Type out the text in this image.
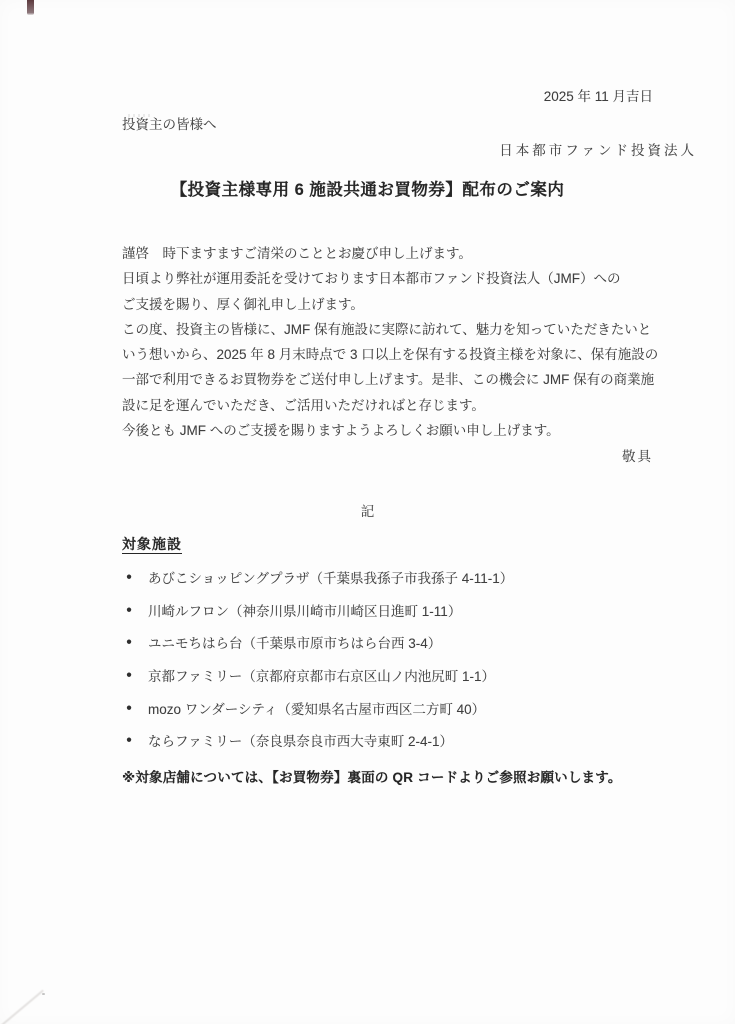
2025 年 11 月吉日
投資主の皆様へ
日本都市ファンド投資法人
【投資主様専用 6 施設共通お買物券】配布のご案内
謹啓　時下ますますご清栄のこととお慶び申し上げます。
日頃より弊社が運用委託を受けております日本都市ファンド投資法人（JMF）への
ご支援を賜り、厚く御礼申し上げます。
この度、投資主の皆様に、JMF 保有施設に実際に訪れて、魅力を知っていただきたいと
いう想いから、2025 年 8 月末時点で 3 口以上を保有する投資主様を対象に、保有施設の
一部で利用できるお買物券をご送付申し上げます。是非、この機会に JMF 保有の商業施
設に足を運んでいただき、ご活用いただければと存じます。
今後とも JMF へのご支援を賜りますようよろしくお願い申し上げます。
敬具
記
対象施設
● あびこショッピングプラザ（千葉県我孫子市我孫子 4-11-1）
● 川崎ルフロン（神奈川県川崎市川崎区日進町 1-11）
● ユニモちはら台（千葉県市原市ちはら台西 3-4）
● 京都ファミリー（京都府京都市右京区山ノ内池尻町 1-1）
● mozo ワンダーシティ（愛知県名古屋市西区二方町 40）
● ならファミリー（奈良県奈良市西大寺東町 2-4-1）
※対象店舗については、【お買物券】裏面の QR コードよりご参照お願いします。
